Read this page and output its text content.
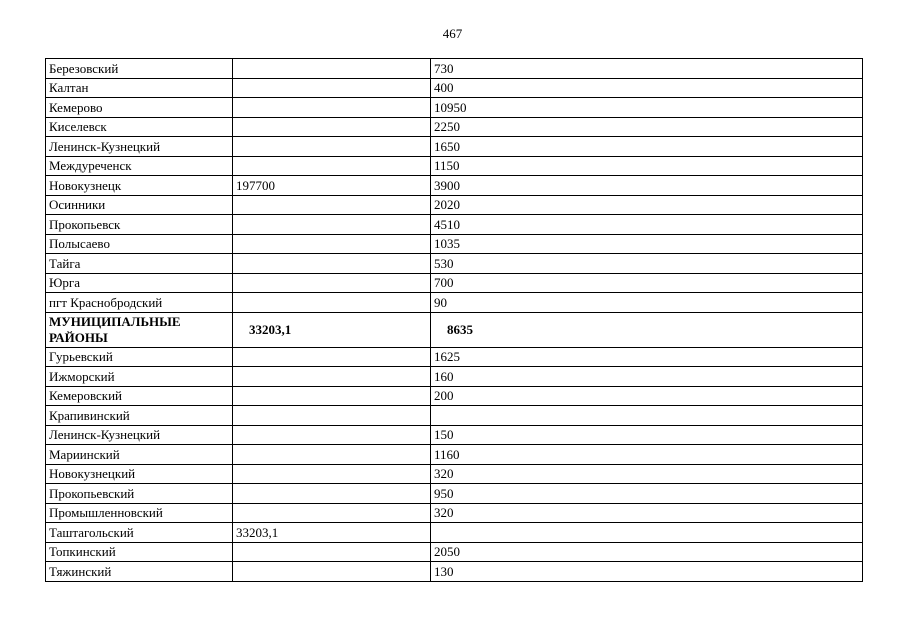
467
Березовский		730
Калтан		400
Кемерово		10950
Киселевск		2250
Ленинск-Кузнецкий		1650
Междуреченск		1150
Новокузнецк	197700	3900
Осинники		2020
Прокопьевск		4510
Полысаево		1035
Тайга		530
Юрга		700
пгт Краснобродский		90
МУНИЦИПАЛЬНЫЕ РАЙОНЫ	33203,1	8635
Гурьевский		1625
Ижморский		160
Кемеровский		200
Крапивинский		
Ленинск-Кузнецкий		150
Мариинский		1160
Новокузнецкий		320
Прокопьевский		950
Промышленновский		320
Таштагольский	33203,1	
Топкинский		2050
Тяжинский		130
